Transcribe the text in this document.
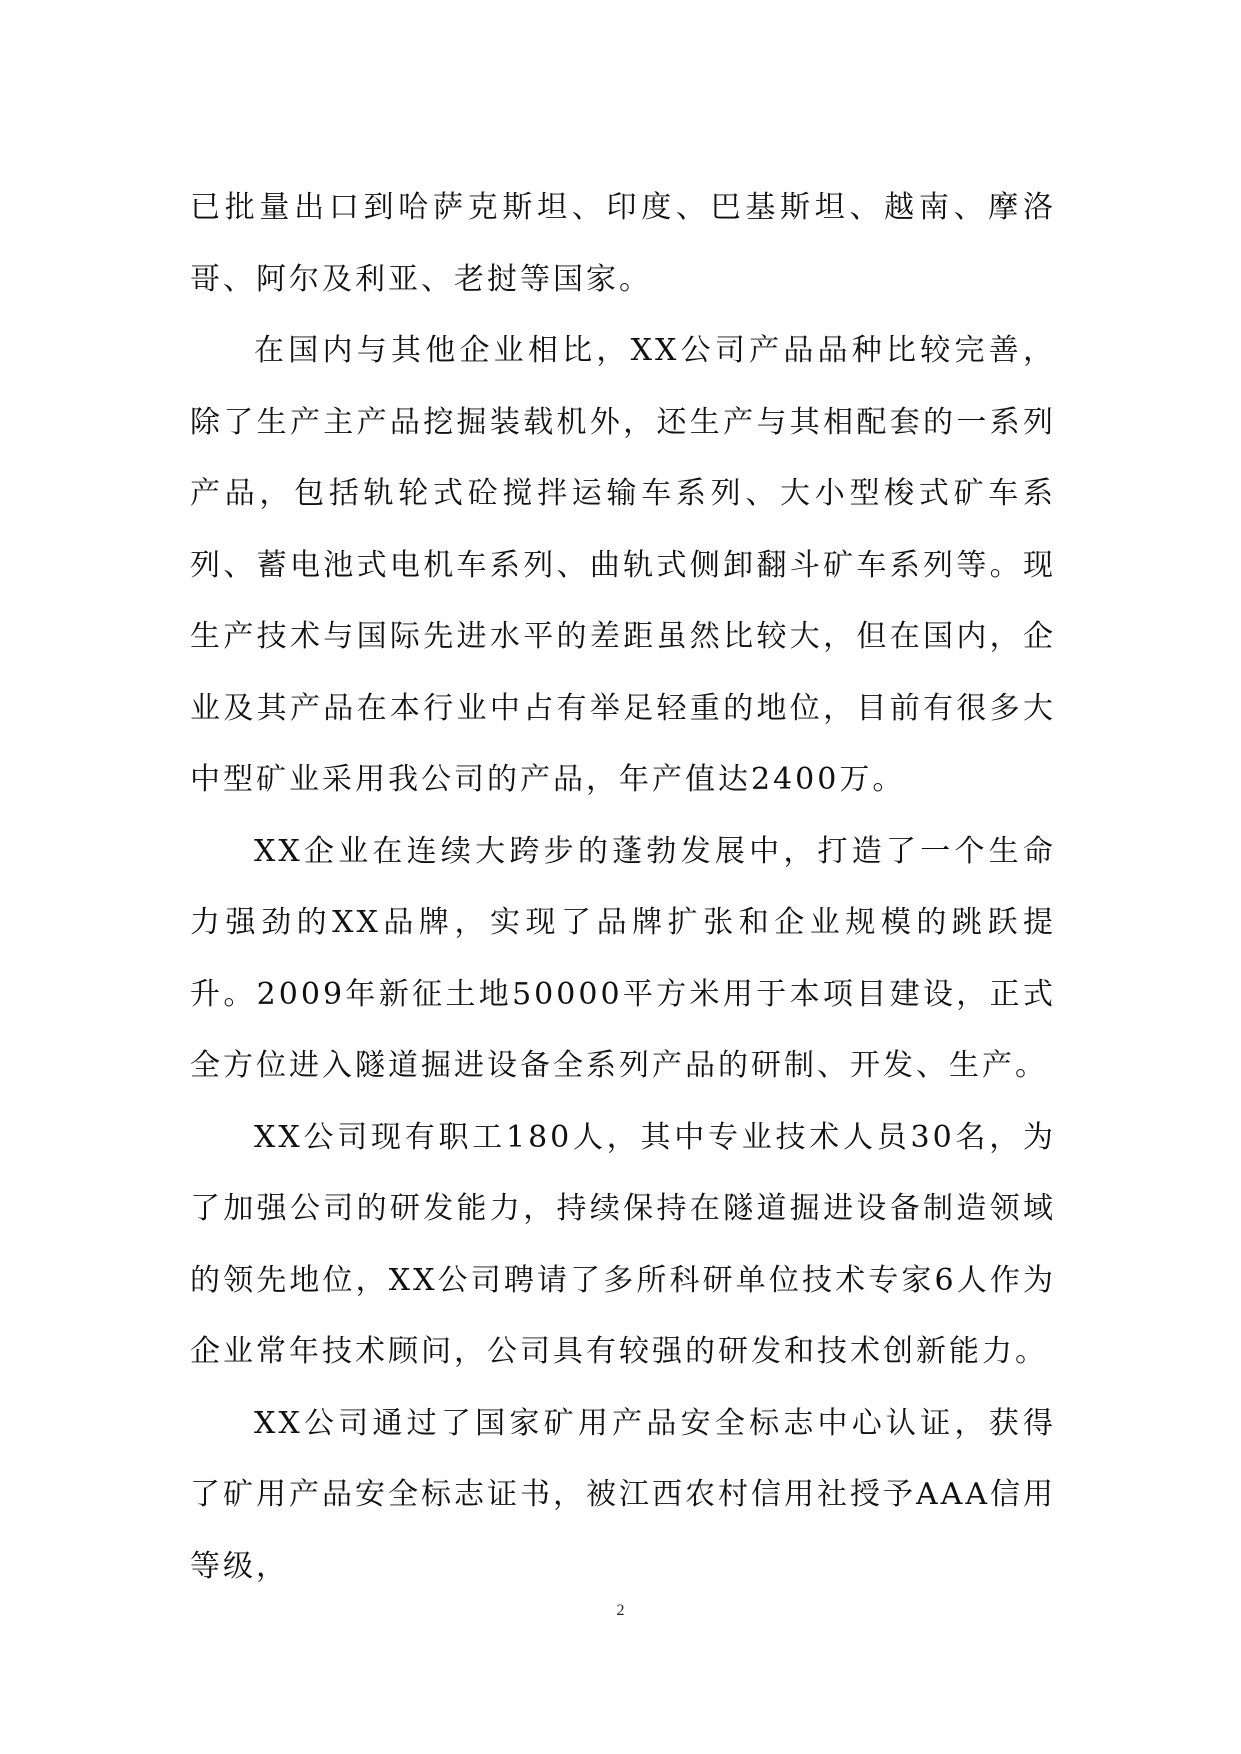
已批量出口到哈萨克斯坦、印度、巴基斯坦、越南、摩洛哥、阿尔及利亚、老挝等国家。

在国内与其他企业相比，XX公司产品品种比较完善，除了生产主产品挖掘装载机外，还生产与其相配套的一系列产品，包括轨轮式砼搅拌运输车系列、大小型梭式矿车系列、蓄电池式电机车系列、曲轨式侧卸翻斗矿车系列等。现生产技术与国际先进水平的差距虽然比较大，但在国内，企业及其产品在本行业中占有举足轻重的地位，目前有很多大中型矿业采用我公司的产品，年产值达2400万。

XX企业在连续大跨步的蓬勃发展中，打造了一个生命力强劲的XX品牌，实现了品牌扩张和企业规模的跳跃提升。2009年新征土地50000平方米用于本项目建设，正式全方位进入隧道掘进设备全系列产品的研制、开发、生产。

XX公司现有职工180人，其中专业技术人员30名，为了加强公司的研发能力，持续保持在隧道掘进设备制造领域的领先地位，XX公司聘请了多所科研单位技术专家6人作为企业常年技术顾问，公司具有较强的研发和技术创新能力。

XX公司通过了国家矿用产品安全标志中心认证，获得了矿用产品安全标志证书，被江西农村信用社授予AAA信用等级，

2
